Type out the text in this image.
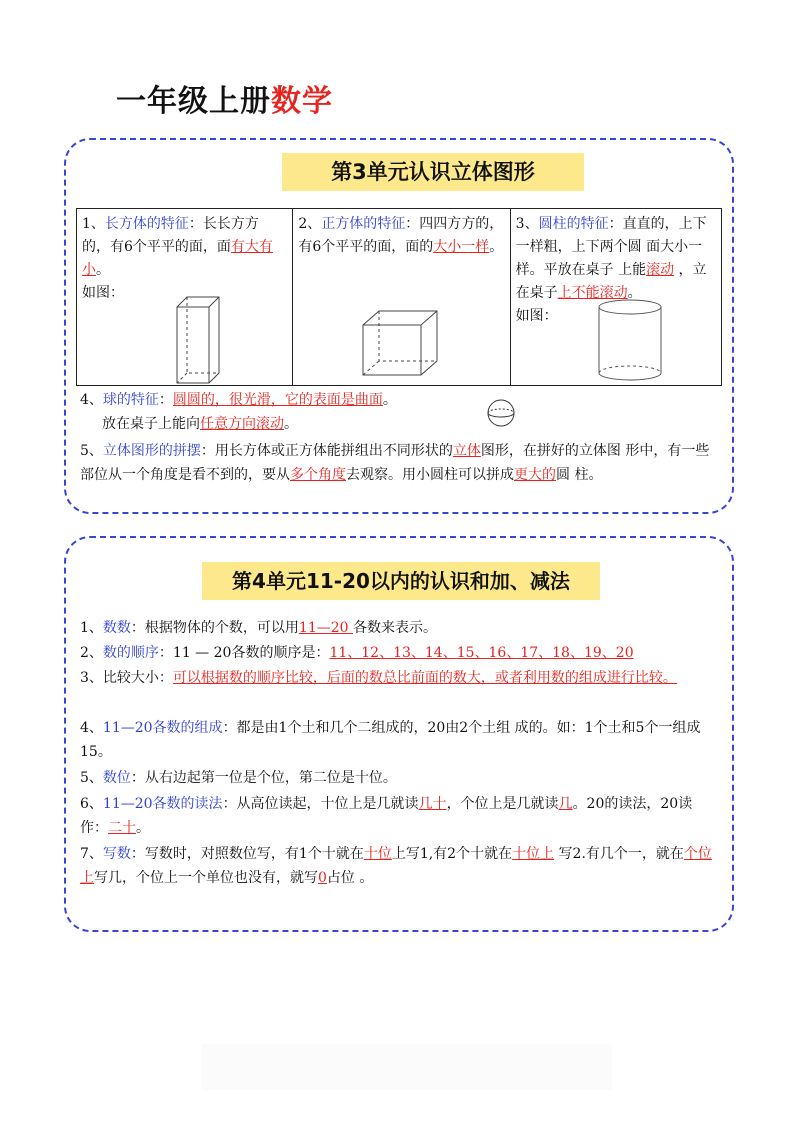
一年级上册数学
第3单元认识立体图形
1、长方体的特征：长长方方 的，有6个平平的面，面有大有小。
如图：
2、正方体的特征：四四方方的，有6个平平的面，面的大小一样。
3、圆柱的特征：直直的，上下一样粗，上下两个圆 面大小一样。平放在桌子 上能滚动 ，立在桌子上不能滚动。
如图：
4、球的特征：圆圆的，很光滑，它的表面是曲面。
放在桌子上能向任意方向滚动。
5、立体图形的拼摆：用长方体或正方体能拼组出不同形状的立体图形，在拼好的立体图 形中，有一些部位从一个角度是看不到的，要从多个角度去观察。用小圆柱可以拼成更大的圆 柱。
第4单元11-20以内的认识和加、减法
1、数数：根据物体的个数，可以用11—20 各数来表示。
2、数的顺序：11 — 20各数的顺序是：11、12、13、14、15、16、17、18、19、20
3、比较大小：可以根据数的顺序比较，后面的数总比前面的数大，或者利用数的组成进行比较。
4、11—20各数的组成：都是由1个土和几个二组成的，20由2个土组 成的。如：1个土和5个一组成15。
5、数位：从右边起第一位是个位，第二位是十位。
6、11—20各数的读法：从高位读起，十位上是几就读几十，个位上是几就读几。20的读法，20读作：二十。
7、写数：写数时，对照数位写，有1个十就在十位上写1,有2个十就在十位上 写2.有几个一，就在个位上写几，个位上一个单位也没有，就写0占位 。
